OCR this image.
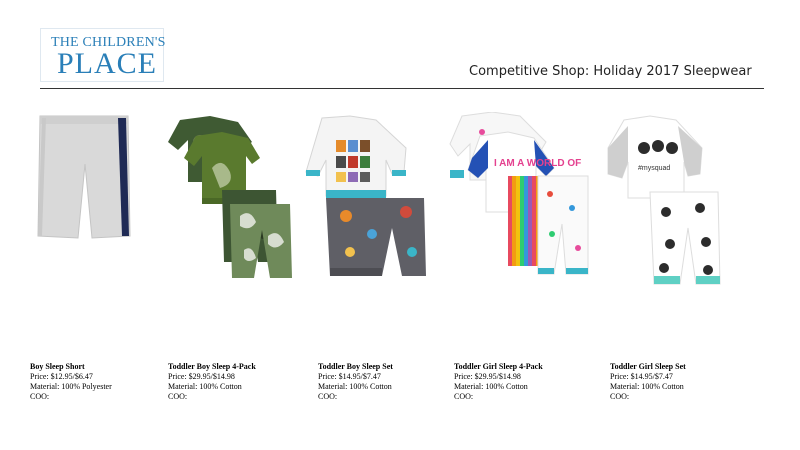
THE CHILDREN'S
PLACE	Competitive Shop: Holiday 2017 Sleepwear
I AM A WORLD OF	#mysquad
Boy Sleep Short
Price: $12.95/$6.47
Material: 100% Polyester
COO:
Toddler Boy Sleep 4-Pack
Price: $29.95/$14.98
Material: 100% Cotton
COO:
Toddler Boy Sleep Set
Price: $14.95/$7.47
Material: 100% Cotton
COO:
Toddler Girl Sleep 4-Pack
Price: $29.95/$14.98
Material: 100% Cotton
COO:
Toddler Girl Sleep Set
Price: $14.95/$7.47
Material: 100% Cotton
COO:
